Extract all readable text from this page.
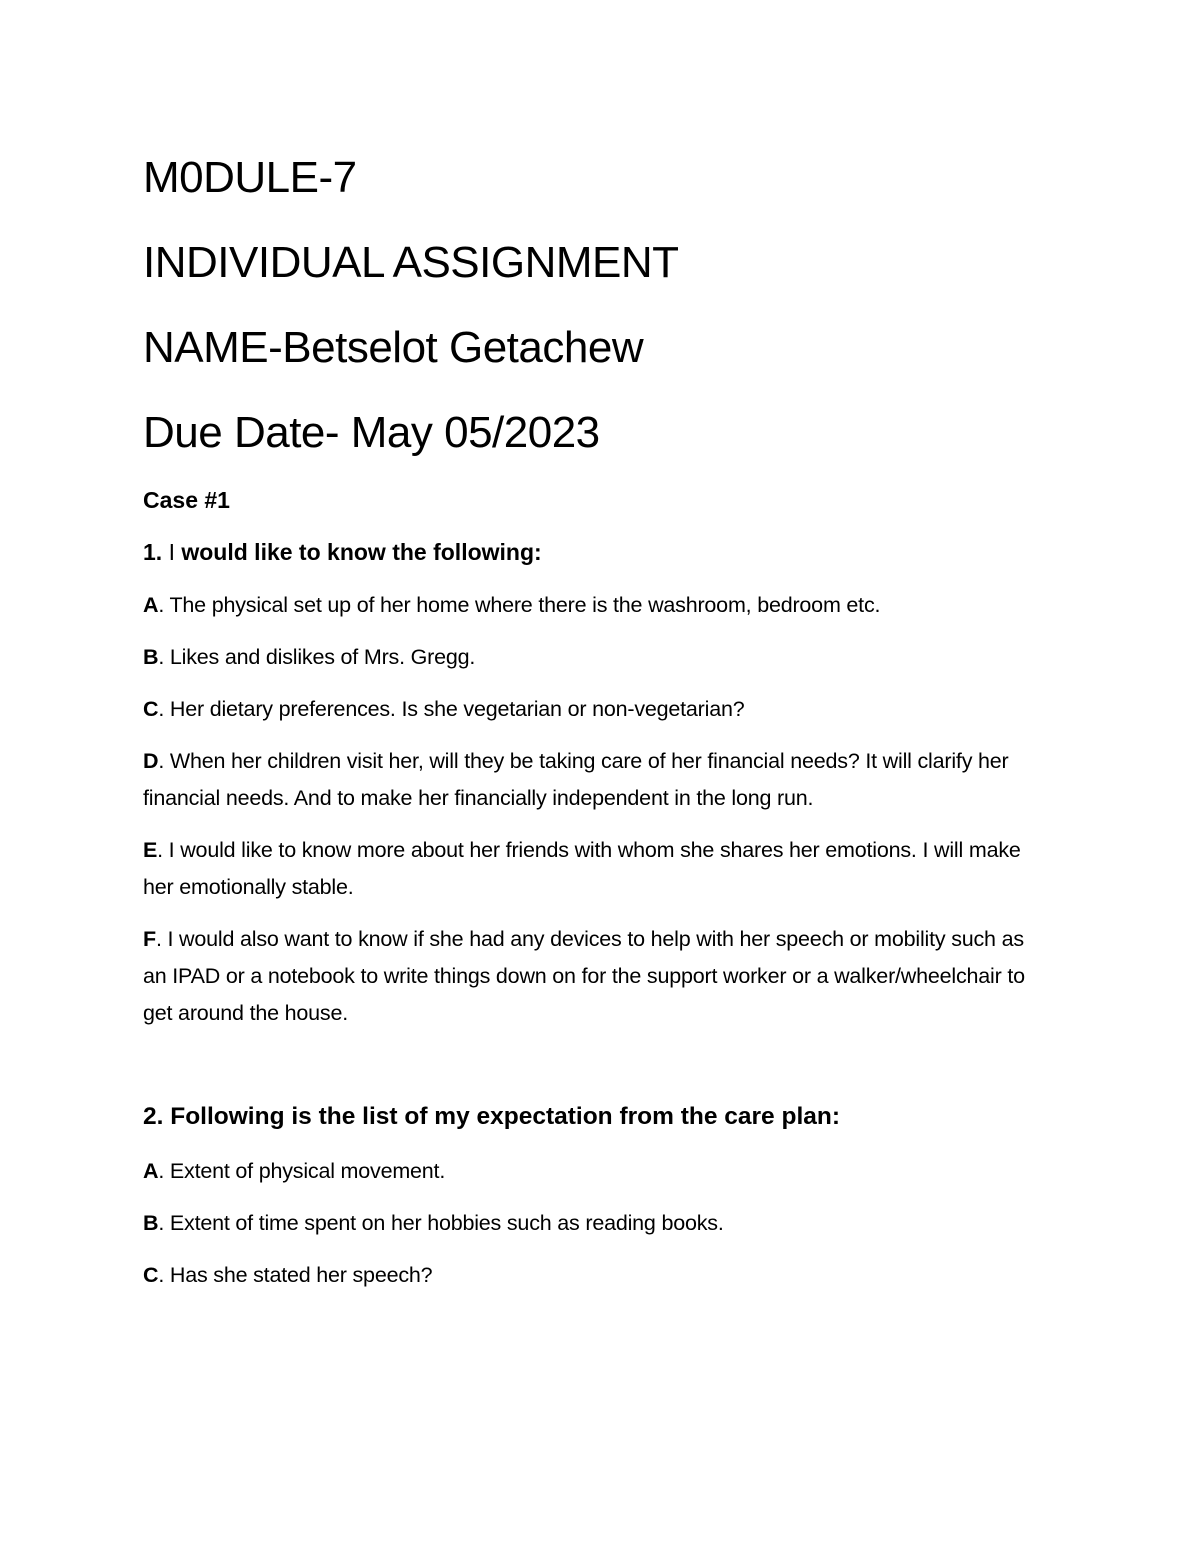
M0DULE-7
INDIVIDUAL ASSIGNMENT
NAME-Betselot Getachew
Due Date- May 05/2023
Case #1
1. I would like to know the following:
A. The physical set up of her home where there is the washroom, bedroom etc.
B. Likes and dislikes of Mrs. Gregg.
C. Her dietary preferences. Is she vegetarian or non-vegetarian?
D. When her children visit her, will they be taking care of her financial needs? It will clarify her financial needs. And to make her financially independent in the long run.
E. I would like to know more about her friends with whom she shares her emotions. I will make her emotionally stable.
F. I would also want to know if she had any devices to help with her speech or mobility such as an IPAD or a notebook to write things down on for the support worker or a walker/wheelchair to get around the house.
2. Following is the list of my expectation from the care plan:
A. Extent of physical movement.
B. Extent of time spent on her hobbies such as reading books.
C. Has she stated her speech?
